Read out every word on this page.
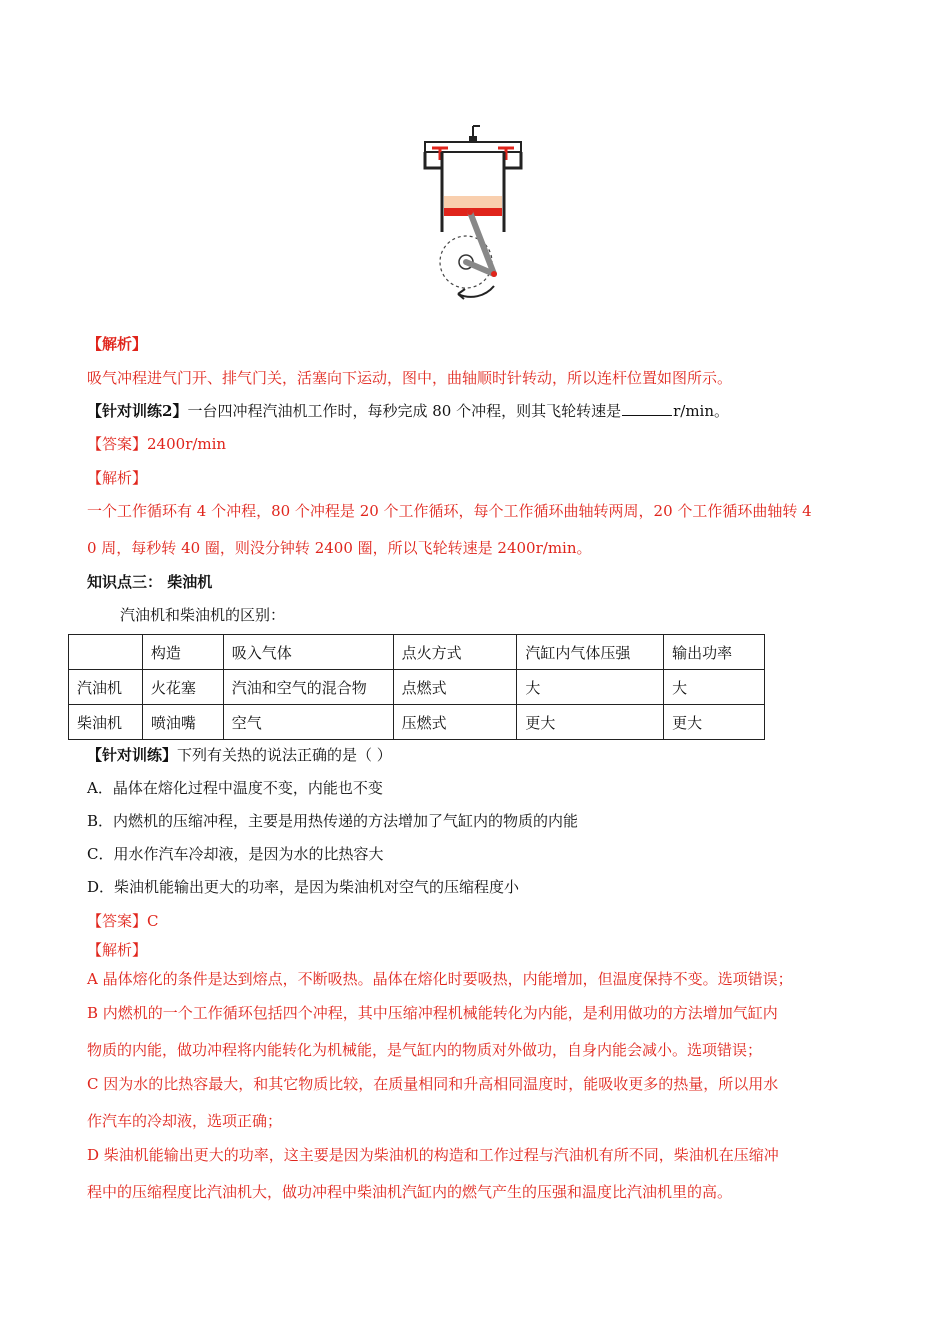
【解析】
吸气冲程进气门开、排气门关，活塞向下运动，图中，曲轴顺时针转动，所以连杆位置如图所示。
【针对训练2】一台四冲程汽油机工作时，每秒完成 80 个冲程，则其飞轮转速是	r/min。
【答案】2400r/min
【解析】
一个工作循环有 4 个冲程，80 个冲程是 20 个工作循环，每个工作循环曲轴转两周，20 个工作循环曲轴转 4
0 周，每秒转 40 圈，则没分钟转 2400 圈，所以飞轮转速是 2400r/min。
知识点三： 柴油机
汽油机和柴油机的区别：
	构造	吸入气体	点火方式	汽缸内气体压强	输出功率
汽油机	火花塞	汽油和空气的混合物	点燃式	大	大
柴油机	喷油嘴	空气	压燃式	更大	更大
【针对训练】下列有关热的说法正确的是（ ）
A．晶体在熔化过程中温度不变，内能也不变
B．内燃机的压缩冲程，主要是用热传递的方法增加了气缸内的物质的内能
C．用水作汽车冷却液，是因为水的比热容大
D．柴油机能输出更大的功率，是因为柴油机对空气的压缩程度小
【答案】C
【解析】
A 晶体熔化的条件是达到熔点，不断吸热。晶体在熔化时要吸热，内能增加，但温度保持不变。选项错误；
B 内燃机的一个工作循环包括四个冲程，其中压缩冲程机械能转化为内能，是利用做功的方法增加气缸内
物质的内能，做功冲程将内能转化为机械能，是气缸内的物质对外做功，自身内能会减小。选项错误；
C 因为水的比热容最大，和其它物质比较，在质量相同和升高相同温度时，能吸收更多的热量，所以用水
作汽车的冷却液，选项正确；
D 柴油机能输出更大的功率，这主要是因为柴油机的构造和工作过程与汽油机有所不同，柴油机在压缩冲
程中的压缩程度比汽油机大，做功冲程中柴油机汽缸内的燃气产生的压强和温度比汽油机里的高。
